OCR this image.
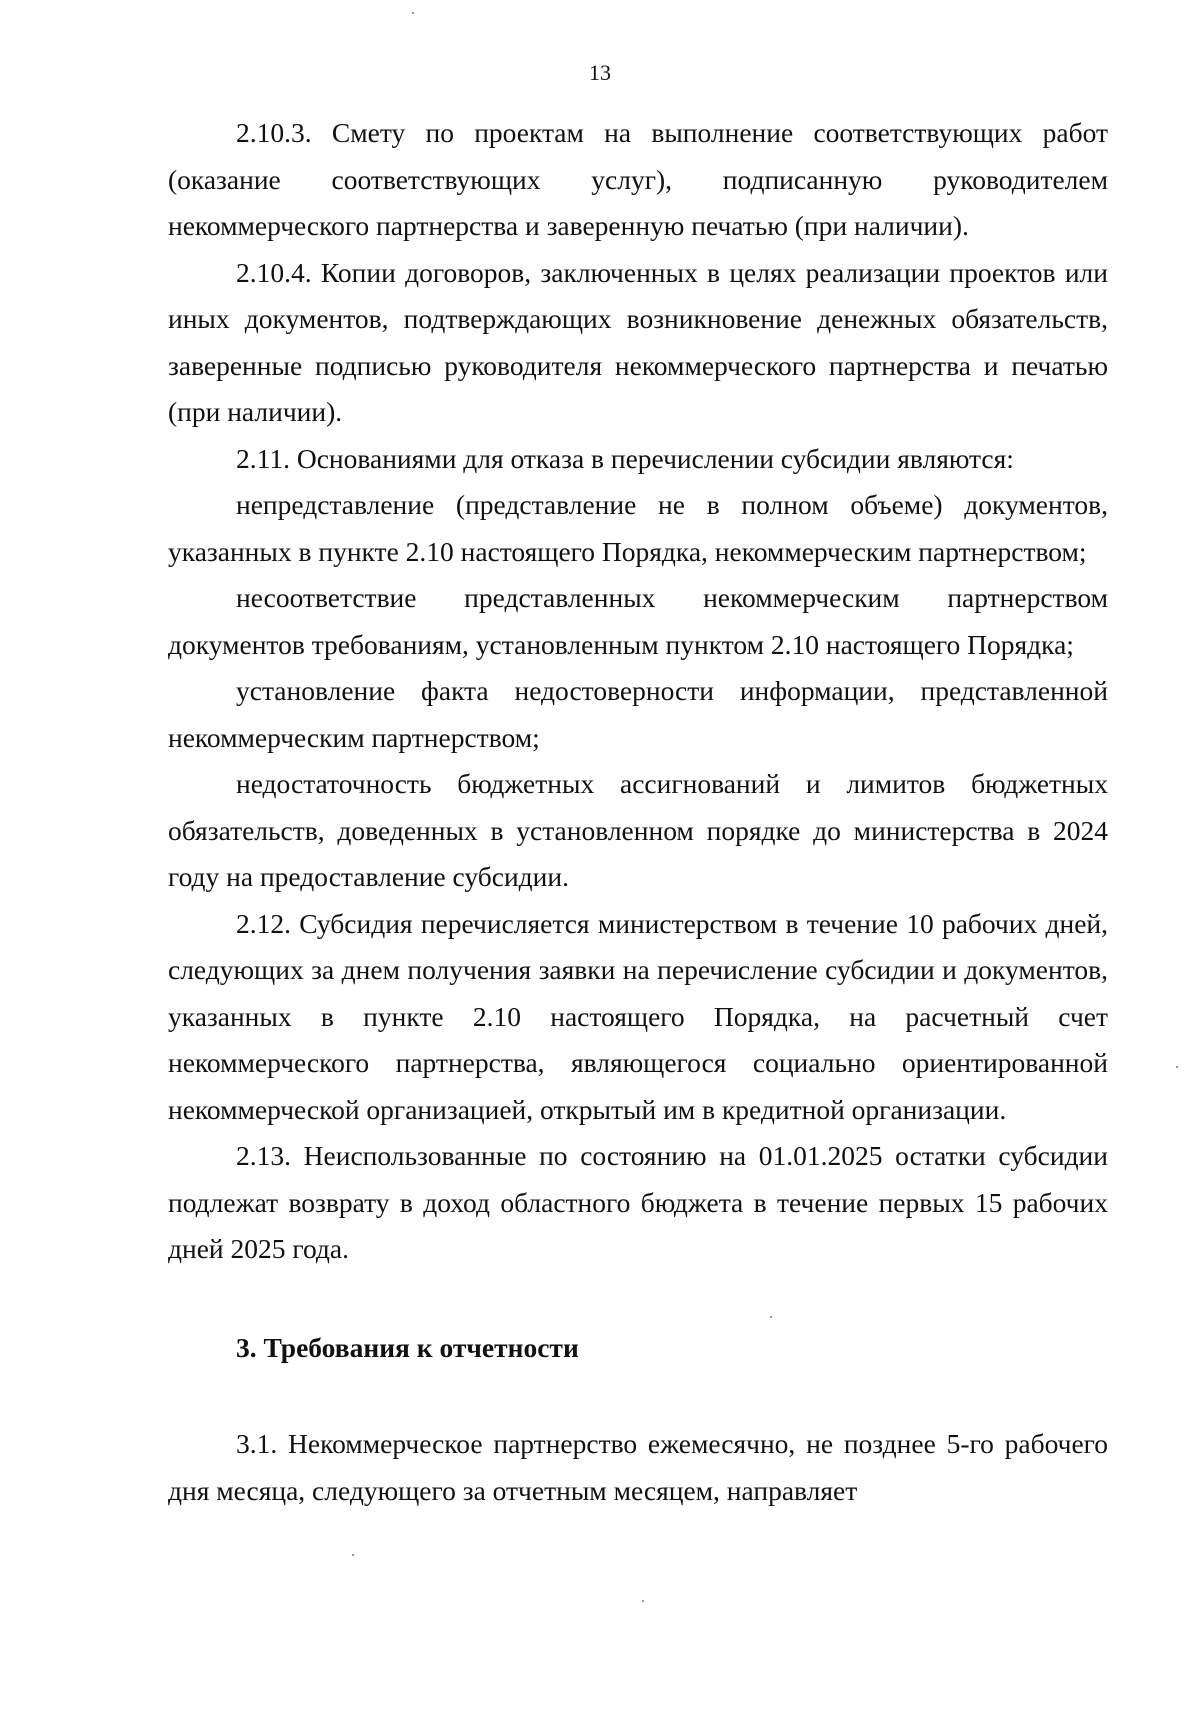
13

2.10.3. Смету по проектам на выполнение соответствующих работ (оказание соответствующих услуг), подписанную руководителем некоммерческого партнерства и заверенную печатью (при наличии).

2.10.4. Копии договоров, заключенных в целях реализации проектов или иных документов, подтверждающих возникновение денежных обязательств, заверенные подписью руководителя некоммерческого партнерства и печатью (при наличии).

2.11. Основаниями для отказа в перечислении субсидии являются:

непредставление (представление не в полном объеме) документов, указанных в пункте 2.10 настоящего Порядка, некоммерческим партнерством;

несоответствие представленных некоммерческим партнерством документов требованиям, установленным пунктом 2.10 настоящего Порядка;

установление факта недостоверности информации, представленной некоммерческим партнерством;

недостаточность бюджетных ассигнований и лимитов бюджетных обязательств, доведенных в установленном порядке до министерства в 2024 году на предоставление субсидии.

2.12. Субсидия перечисляется министерством в течение 10 рабочих дней, следующих за днем получения заявки на перечисление субсидии и документов, указанных в пункте 2.10 настоящего Порядка, на расчетный счет некоммерческого партнерства, являющегося социально ориентированной некоммерческой организацией, открытый им в кредитной организации.

2.13. Неиспользованные по состоянию на 01.01.2025 остатки субсидии подлежат возврату в доход областного бюджета в течение первых 15 рабочих дней 2025 года.

3. Требования к отчетности

3.1. Некоммерческое партнерство ежемесячно, не позднее 5-го рабочего дня месяца, следующего за отчетным месяцем, направляет
